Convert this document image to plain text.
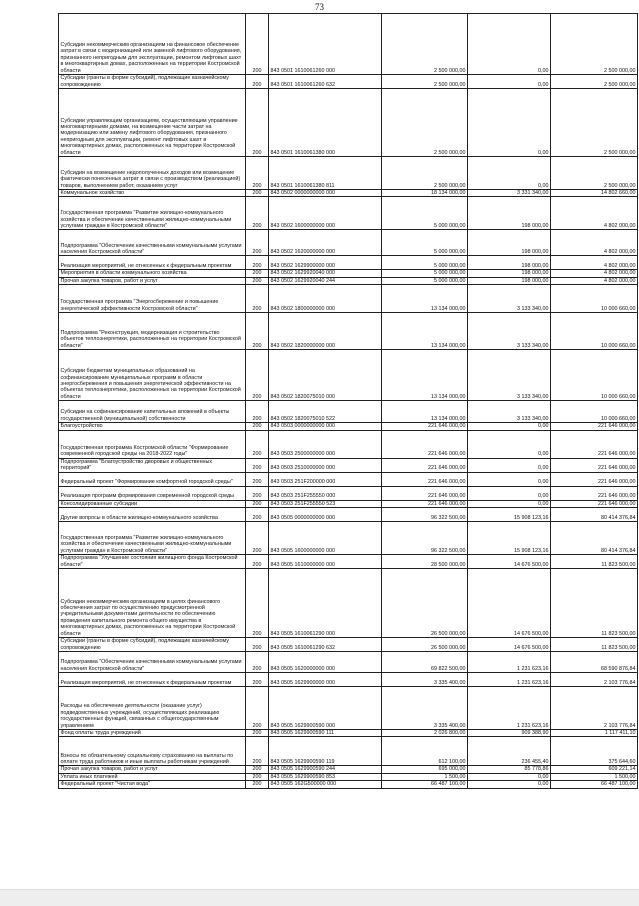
73
Субсидии некоммерческим организациям на финансовое обеспечение затрат в связи с модернизацией или заменой лифтового оборудования, признанного непригодным для эксплуатации, ремонтом лифтовых шахт в многоквартирных домах, расположенных на территории Костромской области	200	843 0501 1610061260 000	2 500 000,00	0,00	2 500 000,00
Субсидии (гранты в форме субсидий), подлежащие казначейскому сопровождению	200	843 0501 1610061260 632	2 500 000,00	0,00	2 500 000,00
Субсидии управляющим организациям, осуществляющим управление многоквартирными домами, на возмещение части затрат на модернизацию или замену лифтового оборудования, признанного непригодным для эксплуатации, ремонт лифтовых шахт в многоквартирных домах, расположенных на территории Костромской области	200	843 0501 1610061380 000	2 500 000,00	0,00	2 500 000,00
Субсидии на возмещение недополученных доходов или возмещение фактически понесенных затрат в связи с производством (реализацией) товаров, выполнением работ, оказанием услуг	200	843 0501 1610061380 811	2 500 000,00	0,00	2 500 000,00
Коммунальное хозяйство	200	843 0502 0000000000 000	18 134 000,00	3 331 340,00	14 802 660,00
Государственная программа "Развитие жилищно-коммунального хозяйства и обеспечение качественными жилищно-коммунальными услугами граждан в Костромской области"	200	843 0502 1600000000 000	5 000 000,00	198 000,00	4 802 000,00
Подпрограмма "Обеспечение качественными коммунальными услугами населения Костромской области"	200	843 0502 1620000000 000	5 000 000,00	198 000,00	4 802 000,00
Реализация мероприятий, не отнесенных к федеральным проектам	200	843 0502 1629900000 000	5 000 000,00	198 000,00	4 802 000,00
Мероприятия в области коммунального хозяйства	200	843 0502 1629920040 000	5 000 000,00	198 000,00	4 802 000,00
Прочая закупка товаров, работ и услуг	200	843 0502 1629920040 244	5 000 000,00	198 000,00	4 802 000,00
Государственная программа "Энергосбережение и повышение энергетической эффективности Костромской области"	200	843 0502 1800000000 000	13 134 000,00	3 133 340,00	10 000 660,00
Подпрограмма "Реконструкция, модернизация и строительство объектов теплоэнергетики, расположенных на территории Костромской области"	200	843 0502 1820000000 000	13 134 000,00	3 133 340,00	10 000 660,00
Субсидии бюджетам муниципальных образований на софинансирование муниципальных программ в области энергосбережения и повышения энергетической эффективности на объектах теплоэнергетики, расположенных на территории Костромской области	200	843 0502 1820075010 000	13 134 000,00	3 133 340,00	10 000 660,00
Субсидии на софинансирование капитальных вложений в объекты государственной (муниципальной) собственности	200	843 0502 1820075010 522	13 134 000,00	3 133 340,00	10 000 660,00
Благоустройство	200	843 0503 0000000000 000	221 646 000,00	0,00	221 646 000,00
Государственная программа Костромской области "Формирование современной городской среды на 2018-2022 годы"	200	843 0503 2500000000 000	221 646 000,00	0,00	221 646 000,00
Подпрограмма "Благоустройство дворовых и общественных территорий"	200	843 0503 2510000000 000	221 646 000,00	0,00	221 646 000,00
Федеральный проект "Формирование комфортной городской среды"	200	843 0503 251F200000 000	221 646 000,00	0,00	221 646 000,00
Реализация программ формирования современной городской среды	200	843 0503 251F255550 000	221 646 000,00	0,00	221 646 000,00
Консолидированные субсидии	200	843 0503 251F255550 523	221 646 000,00	0,00	221 646 000,00
Другие вопросы в области жилищно-коммунального хозяйства	200	843 0505 0000000000 000	96 322 500,00	15 908 123,16	80 414 376,84
Государственная программа "Развитие жилищно-коммунального хозяйства и обеспечение качественными жилищно-коммунальными услугами граждан в Костромской области"	200	843 0505 1600000000 000	96 322 500,00	15 908 123,16	80 414 376,84
Подпрограмма "Улучшение состояния жилищного фонда Костромской области"	200	843 0505 1610000000 000	28 500 000,00	14 676 500,00	11 823 500,00
Субсидии некоммерческим организациям в целях финансового обеспечения затрат по осуществлению предусмотренной учредительными документами деятельности по обеспечению проведения капитального ремонта общего имущества в многоквартирных домах, расположенных на территории Костромской области	200	843 0505 1610061290 000	26 500 000,00	14 676 500,00	11 823 500,00
Субсидии (гранты в форме субсидий), подлежащие казначейскому сопровождению	200	843 0505 1610061290 632	26 500 000,00	14 676 500,00	11 823 500,00
Подпрограмма "Обеспечение качественными коммунальными услугами населения Костромской области"	200	843 0505 1620000000 000	69 822 500,00	1 231 623,16	68 590 876,84
Реализация мероприятий, не отнесенных к федеральным проектам	200	843 0505 1629900000 000	3 335 400,00	1 231 623,16	2 103 776,84
Расходы на обеспечение деятельности (оказание услуг) подведомственных учреждений, осуществляющих реализацию государственных функций, связанных с общегосударственным управлением	200	843 0505 1629900590 000	3 335 400,00	1 231 623,16	2 103 776,84
Фонд оплаты труда учреждений	200	843 0505 1629900590 111	2 026 800,00	909 388,90	1 117 411,10
Взносы по обязательному социальному страхованию на выплаты по оплате труда работников и иные выплаты работникам учреждений	200	843 0505 1629900590 119	612 100,00	236 455,40	375 644,60
Прочая закупка товаров, работ и услуг	200	843 0505 1629900590 244	695 000,00	85 778,86	609 221,14
Уплата иных платежей	200	843 0505 1629900590 853	1 500,00	0,00	1 500,00
Федеральный проект "Чистая вода"	200	843 0505 162G500000 000	66 487 100,00	0,00	66 487 100,00
